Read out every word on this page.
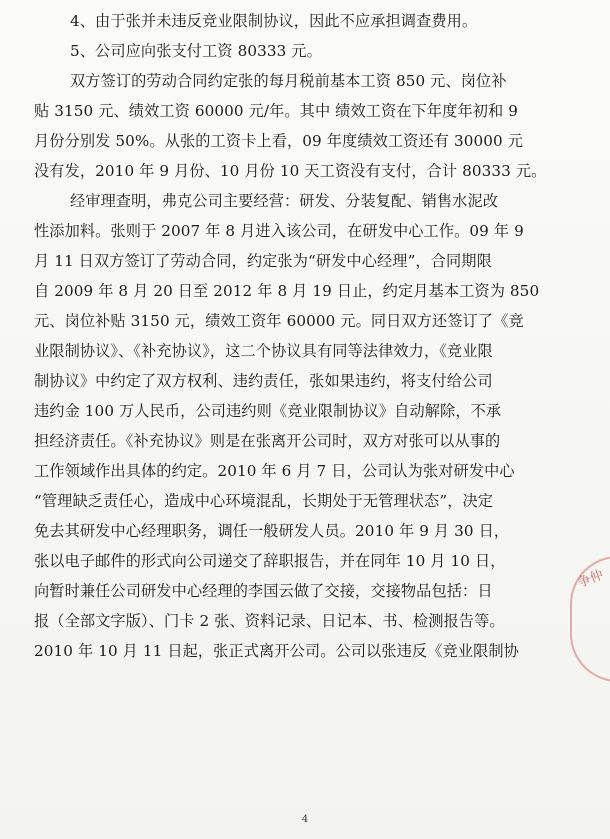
4、由于张并未违反竞业限制协议，因此不应承担调查费用。
5、公司应向张支付工资 80333 元。
双方签订的劳动合同约定张的每月税前基本工资 850 元、岗位补
贴 3150 元、绩效工资 60000 元/年。其中 绩效工资在下年度年初和 9
月份分别发 50%。从张的工资卡上看，09 年度绩效工资还有 30000 元
没有发，2010 年 9 月份、10 月份 10 天工资没有支付，合计 80333 元。
经审理查明，弗克公司主要经营：研发、分装复配、销售水泥改
性添加料。张则于 2007 年 8 月进入该公司，在研发中心工作。09 年 9
月 11 日双方签订了劳动合同，约定张为“研发中心经理”，合同期限
自 2009 年 8 月 20 日至 2012 年 8 月 19 日止，约定月基本工资为 850
元、岗位补贴 3150 元，绩效工资年 60000 元。同日双方还签订了《竞
业限制协议》、《补充协议》，这二个协议具有同等法律效力，《竞业限
制协议》中约定了双方权利、违约责任，张如果违约，将支付给公司
违约金 100 万人民币，公司违约则《竞业限制协议》自动解除，不承
担经济责任。《补充协议》则是在张离开公司时，双方对张可以从事的
工作领域作出具体的约定。2010 年 6 月 7 日，公司认为张对研发中心
“管理缺乏责任心，造成中心环境混乱，长期处于无管理状态”，决定
免去其研发中心经理职务，调任一般研发人员。2010 年 9 月 30 日，
张以电子邮件的形式向公司递交了辞职报告，并在同年 10 月 10 日，
向暂时兼任公司研发中心经理的李国云做了交接，交接物品包括：日
报（全部文字版）、门卡 2 张、资料记录、日记本、书、检测报告等。
2010 年 10 月 11 日起，张正式离开公司。公司以张违反《竞业限制协
争仲
4
